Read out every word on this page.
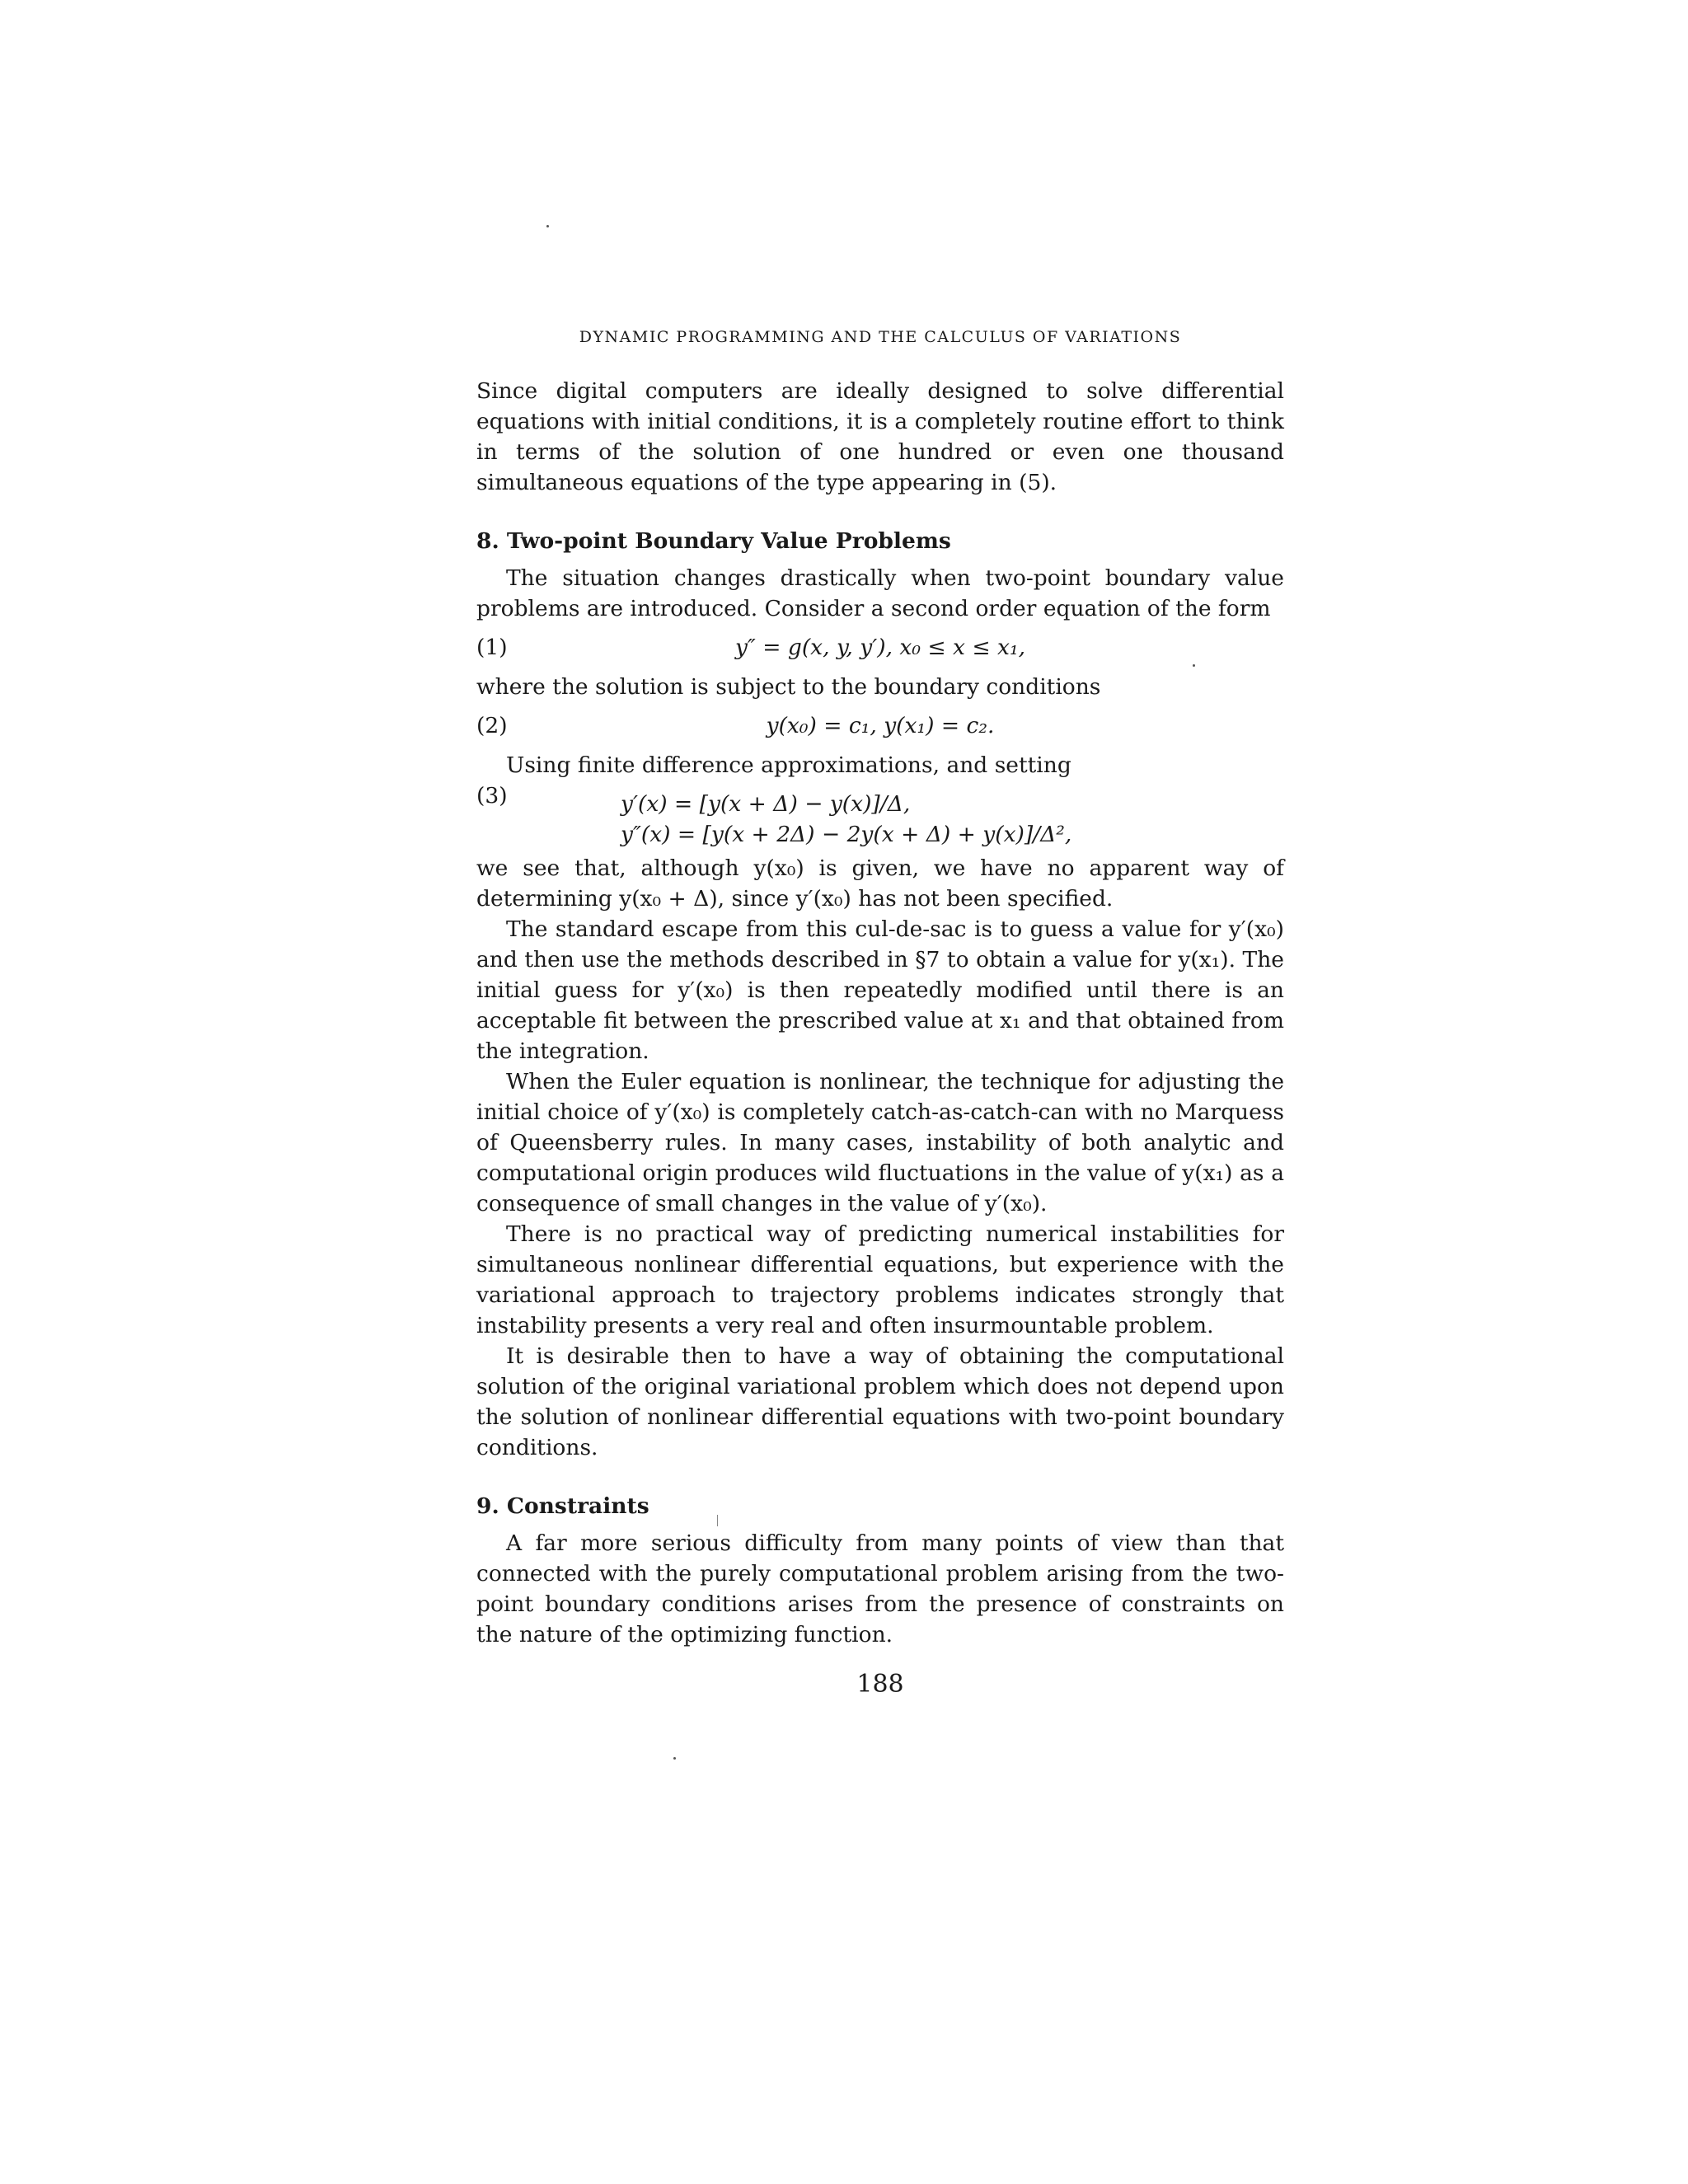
DYNAMIC PROGRAMMING AND THE CALCULUS OF VARIATIONS

Since digital computers are ideally designed to solve differential equations with initial conditions, it is a completely routine effort to think in terms of the solution of one hundred or even one thousand simultaneous equations of the type appearing in (5).

8. Two-point Boundary Value Problems

The situation changes drastically when two-point boundary value problems are introduced. Consider a second order equation of the form

(1)	y″ = g(x, y, y′), x₀ ≤ x ≤ x₁,

where the solution is subject to the boundary conditions

(2)	y(x₀) = c₁, y(x₁) = c₂.

Using finite difference approximations, and setting

(3)	y′(x) = [y(x + Δ) − y(x)]/Δ,
y″(x) = [y(x + 2Δ) − 2y(x + Δ) + y(x)]/Δ²,

we see that, although y(x₀) is given, we have no apparent way of determining y(x₀ + Δ), since y′(x₀) has not been specified.

The standard escape from this cul-de-sac is to guess a value for y′(x₀) and then use the methods described in §7 to obtain a value for y(x₁). The initial guess for y′(x₀) is then repeatedly modified until there is an acceptable fit between the prescribed value at x₁ and that obtained from the integration.

When the Euler equation is nonlinear, the technique for adjusting the initial choice of y′(x₀) is completely catch-as-catch-can with no Marquess of Queensberry rules. In many cases, instability of both analytic and computational origin produces wild fluctuations in the value of y(x₁) as a consequence of small changes in the value of y′(x₀).

There is no practical way of predicting numerical instabilities for simultaneous nonlinear differential equations, but experience with the variational approach to trajectory problems indicates strongly that instability presents a very real and often insurmountable problem.

It is desirable then to have a way of obtaining the computational solution of the original variational problem which does not depend upon the solution of nonlinear differential equations with two-point boundary conditions.

9. Constraints

A far more serious difficulty from many points of view than that connected with the purely computational problem arising from the two-point boundary conditions arises from the presence of constraints on the nature of the optimizing function.

188
